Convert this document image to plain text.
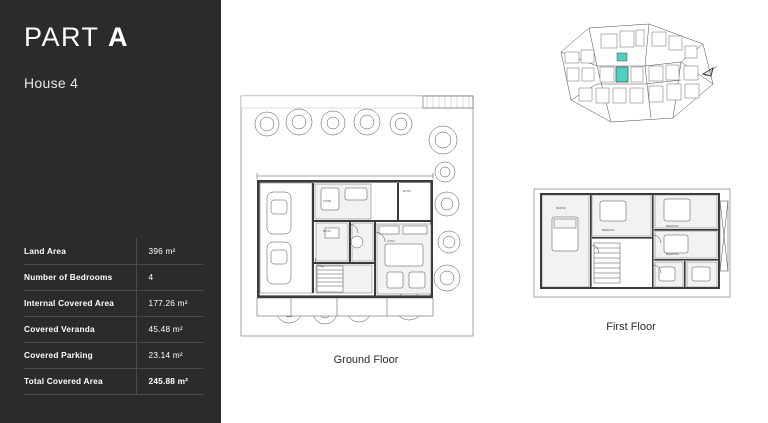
PART A
House 4
Land Area	396 m²
Number of Bedrooms	4
Internal Covered Area	177.26 m²
Covered Veranda	45.48 m²
Covered Parking	23.14 m²
Total Covered Area	245.88 m²
ROOM
LIVING
STORE
ENTRY
MASTER
BEDROOM
BEDROOM
BEDROOM
Ground Floor
First Floor
